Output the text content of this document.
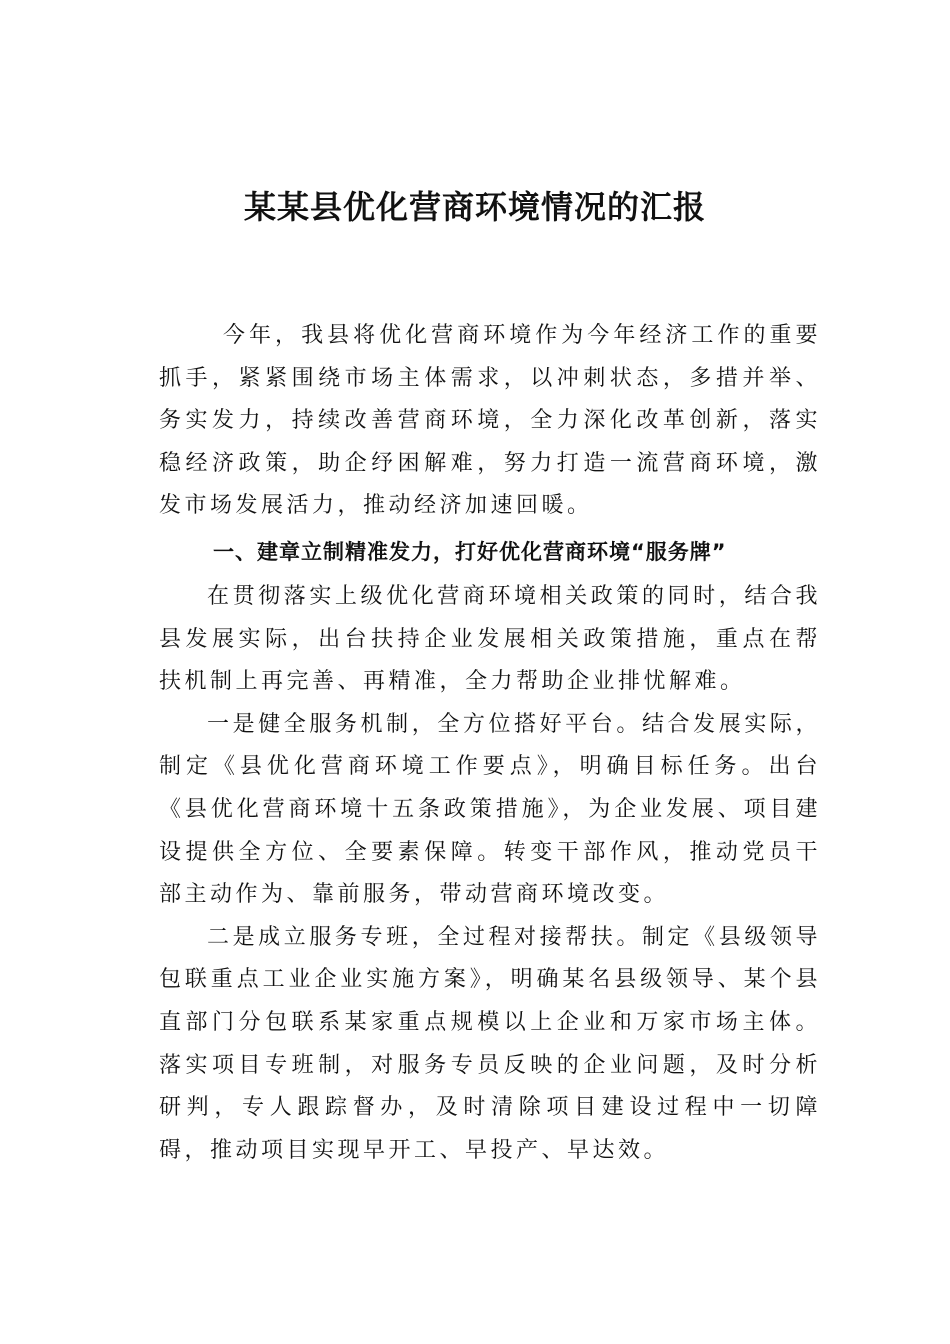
某某县优化营商环境情况的汇报

今年，我县将优化营商环境作为今年经济工作的重要抓手，紧紧围绕市场主体需求，以冲刺状态，多措并举、务实发力，持续改善营商环境，全力深化改革创新，落实稳经济政策，助企纾困解难，努力打造一流营商环境，激发市场发展活力，推动经济加速回暖。

一、建章立制精准发力，打好优化营商环境“服务牌”

在贯彻落实上级优化营商环境相关政策的同时，结合我县发展实际，出台扶持企业发展相关政策措施，重点在帮扶机制上再完善、再精准，全力帮助企业排忧解难。

一是健全服务机制，全方位搭好平台。结合发展实际，制定《县优化营商环境工作要点》，明确目标任务。出台《县优化营商环境十五条政策措施》，为企业发展、项目建设提供全方位、全要素保障。转变干部作风，推动党员干部主动作为、靠前服务，带动营商环境改变。

二是成立服务专班，全过程对接帮扶。制定《县级领导包联重点工业企业实施方案》，明确某名县级领导、某个县直部门分包联系某家重点规模以上企业和万家市场主体。落实项目专班制，对服务专员反映的企业问题，及时分析研判，专人跟踪督办，及时清除项目建设过程中一切障碍，推动项目实现早开工、早投产、早达效。
